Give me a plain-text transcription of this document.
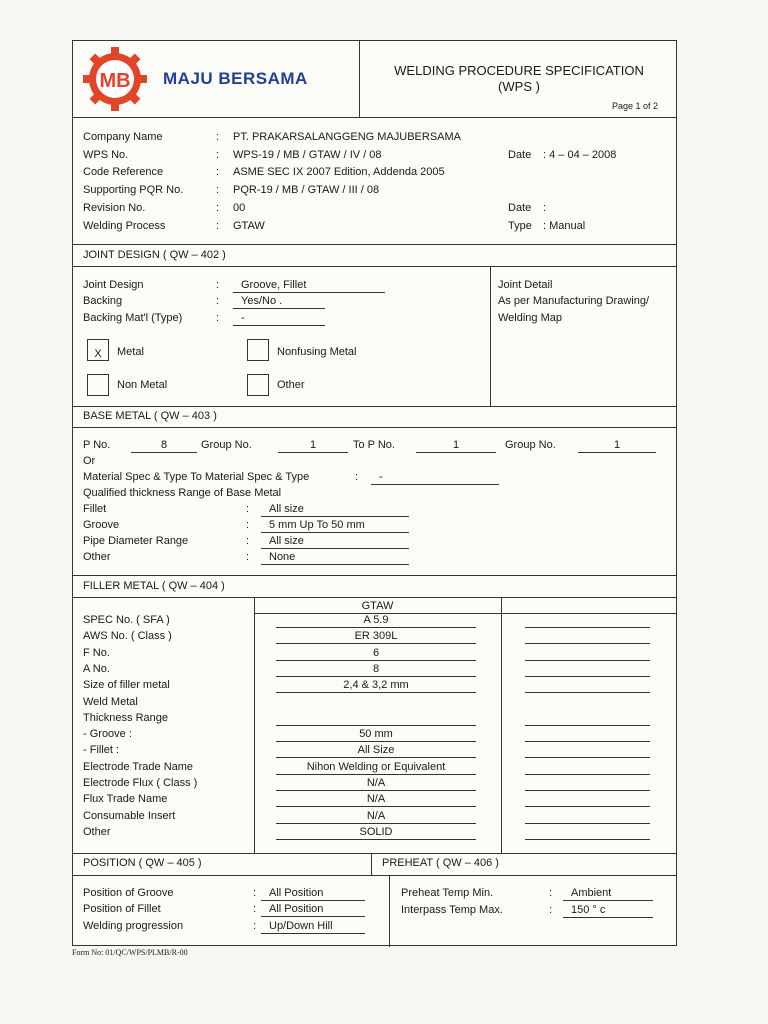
MB MAJU BERSAMA	WELDING PROCEDURE SPECIFICATION
(WPS )
Page 1 of 2
Company Name	: PT. PRAKARSALANGGENG MAJUBERSAMA
WPS No.	: WPS-19 / MB / GTAW / IV / 08	Date : 4 – 04 – 2008
Code Reference	: ASME SEC IX 2007 Edition, Addenda 2005
Supporting PQR No.	: PQR-19 / MB / GTAW / III / 08
Revision No.	: 00	Date :
Welding Process	: GTAW	Type : Manual
JOINT DESIGN ( QW – 402 )
Joint Design	: Groove, Fillet
Backing	: Yes/No .
Backing Mat'l (Type)	: -
Joint Detail
As per Manufacturing Drawing/
Welding Map
X	Metal	Nonfusing Metal
Non Metal	Other
BASE METAL ( QW – 403 )
P No.	8	Group No.	1	To P No.	1	Group No.	1
Or
Material Spec & Type To Material Spec & Type	: -
Qualified thickness Range of Base Metal
Fillet	: All size
Groove	: 5 mm Up To 50 mm
Pipe Diameter Range	: All size
Other	: None
FILLER METAL ( QW – 404 )
GTAW
SPEC No. ( SFA )	A 5.9
AWS No. ( Class )	ER 309L
F No.	6
A No.	8
Size of filler metal	2,4 & 3,2 mm
Weld Metal
Thickness Range
- Groove :	50 mm
- Fillet :	All Size
Electrode Trade Name	Nihon Welding or Equivalent
Electrode Flux ( Class )	N/A
Flux Trade Name	N/A
Consumable Insert	N/A
Other	SOLID
POSITION ( QW – 405 )	PREHEAT ( QW – 406 )
Position of Groove	: All Position
Position of Fillet	: All Position
Welding progression	: Up/Down Hill
Preheat Temp Min.	: Ambient
Interpass Temp Max.	: 150 ° c
Form No: 01/QC/WPS/PLMB/R-00
